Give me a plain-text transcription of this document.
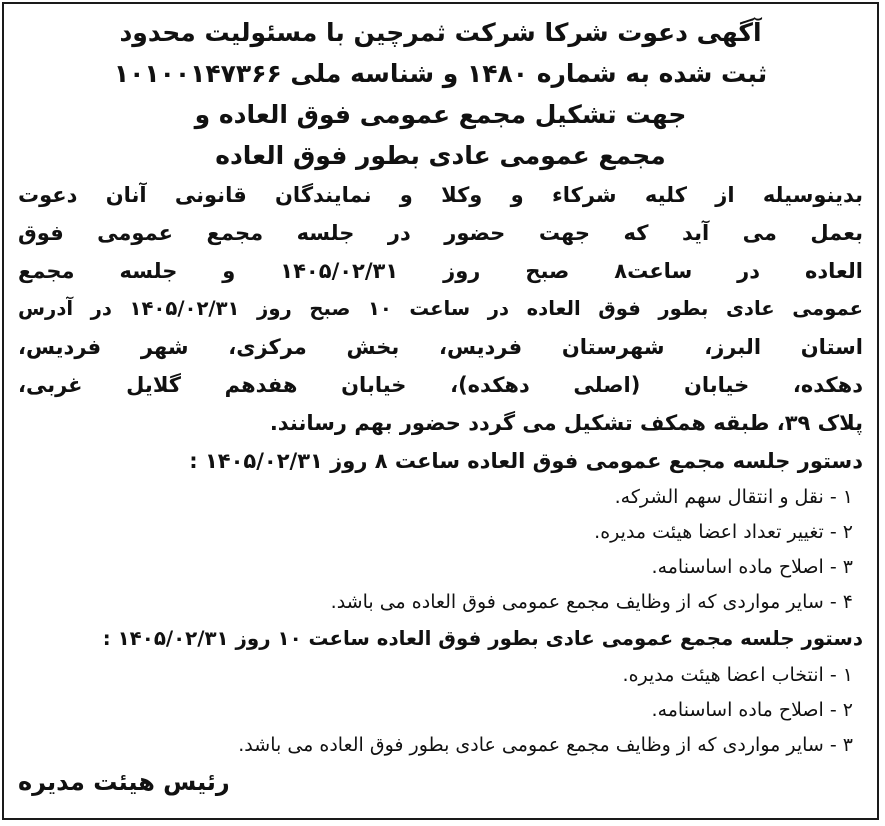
آگهی دعوت شرکا شرکت ثمرچین با مسئولیت محدود

ثبت شده به شماره ۱۴۸۰ و شناسه ملی ۱۰۱۰۰۱۴۷۳۶۶

جهت تشکیل مجمع عمومی فوق العاده و

مجمع عمومی عادی بطور فوق العاده

بدینوسیله از کلیه شرکاء و وکلا و نمایندگان قانونی آنان دعوت
بعمل می آید که جهت حضور در جلسه مجمع عمومی فوق
العاده در ساعت۸ صبح روز ۱۴۰۵/۰۲/۳۱ و جلسه مجمع
عمومی عادی بطور فوق العاده در ساعت ۱۰ صبح روز ۱۴۰۵/۰۲/۳۱ در آدرس
استان البرز، شهرستان فردیس، بخش مرکزی، شهر فردیس،
دهکده، خیابان (اصلی دهکده)، خیابان هفدهم گلایل غربی،
پلاک ۳۹، طبقه همکف تشکیل می گردد حضور بهم رسانند.

دستور جلسه مجمع عمومی فوق العاده ساعت ۸ روز ۱۴۰۵/۰۲/۳۱ :

۱ - نقل و انتقال سهم الشرکه.

۲ - تغییر تعداد اعضا هیئت مدیره.

۳ - اصلاح ماده اساسنامه.

۴ - سایر مواردی که از وظایف مجمع عمومی فوق العاده می باشد.

دستور جلسه مجمع عمومی عادی بطور فوق العاده ساعت ۱۰ روز ۱۴۰۵/۰۲/۳۱ :

۱ - انتخاب اعضا هیئت مدیره.

۲ - اصلاح ماده اساسنامه.

۳ - سایر مواردی که از وظایف مجمع عمومی عادی بطور فوق العاده می باشد.

رئیس هیئت مدیره
